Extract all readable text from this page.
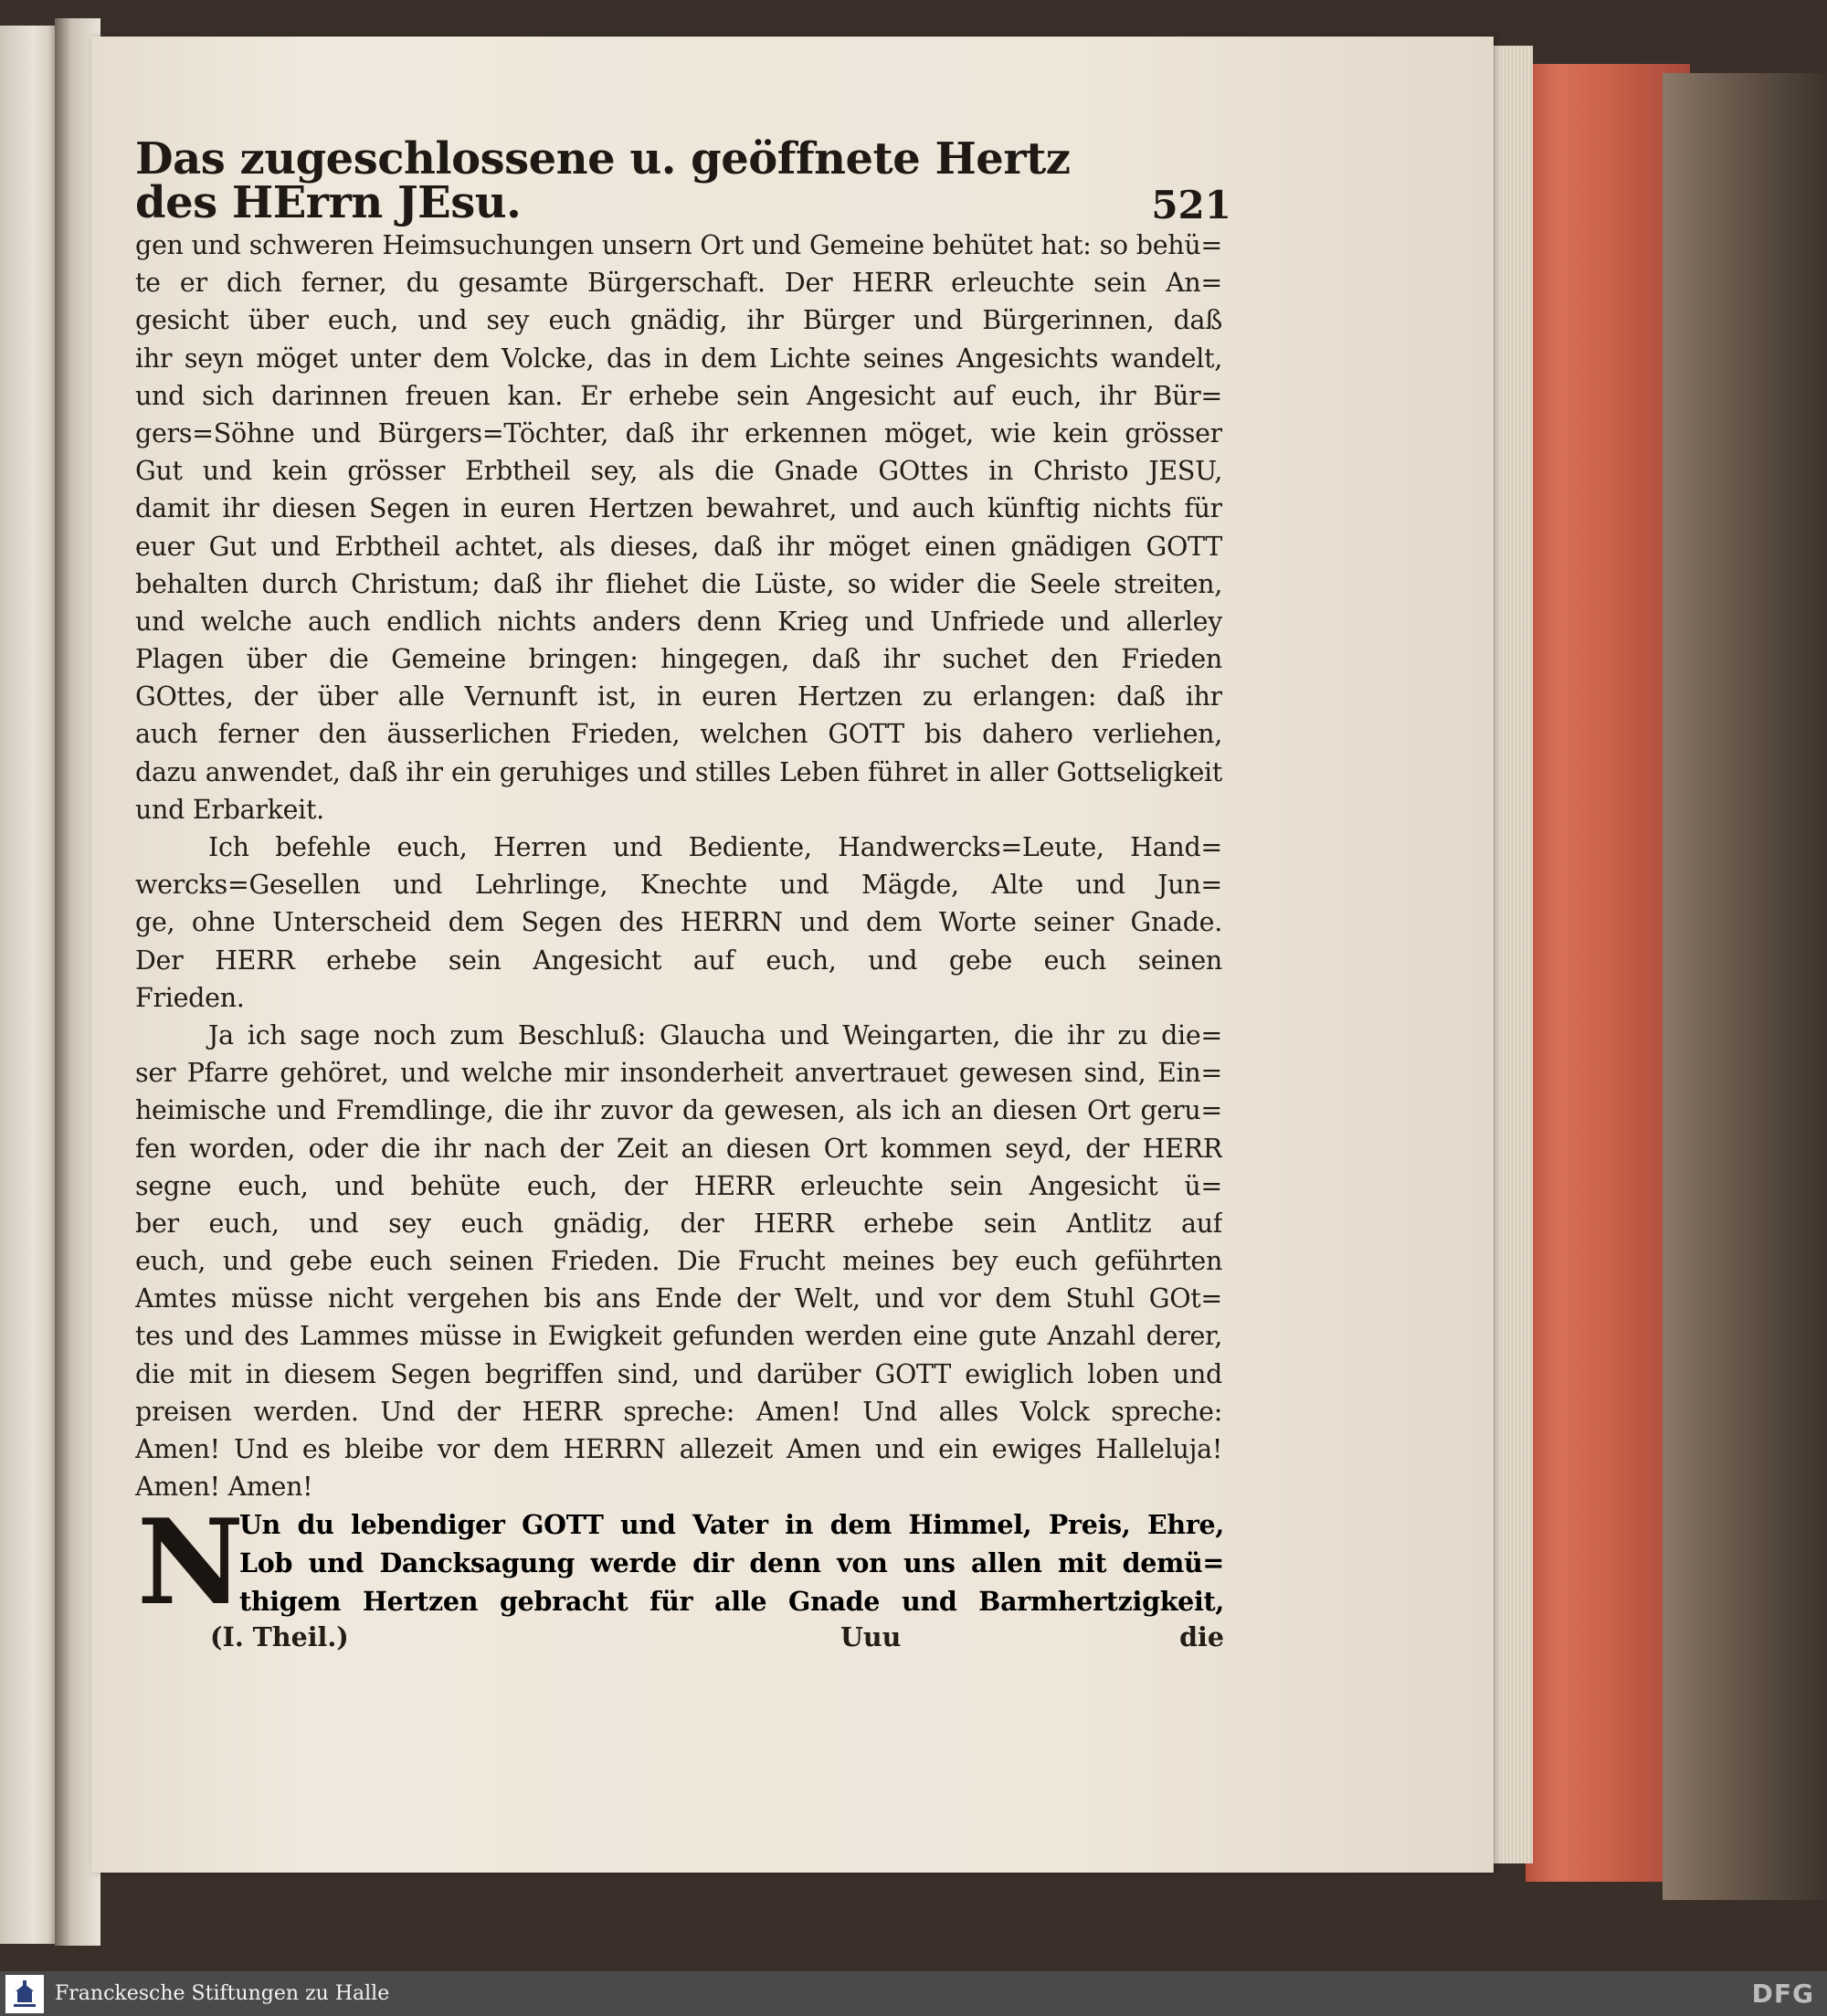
Das zugeschlossene u. geöffnete Hertz des HErrn JEsu.	521
gen und schweren Heimsuchungen unsern Ort und Gemeine behütet hat: so behü=
te er dich ferner, du gesamte Bürgerschaft. Der HERR erleuchte sein An=
gesicht über euch, und sey euch gnädig, ihr Bürger und Bürgerinnen, daß
ihr seyn möget unter dem Volcke, das in dem Lichte seines Angesichts wandelt,
und sich darinnen freuen kan. Er erhebe sein Angesicht auf euch, ihr Bür=
gers=Söhne und Bürgers=Töchter, daß ihr erkennen möget, wie kein grösser
Gut und kein grösser Erbtheil sey, als die Gnade GOttes in Christo JESU,
damit ihr diesen Segen in euren Hertzen bewahret, und auch künftig nichts für
euer Gut und Erbtheil achtet, als dieses, daß ihr möget einen gnädigen GOTT
behalten durch Christum; daß ihr fliehet die Lüste, so wider die Seele streiten,
und welche auch endlich nichts anders denn Krieg und Unfriede und allerley
Plagen über die Gemeine bringen: hingegen, daß ihr suchet den Frieden
GOttes, der über alle Vernunft ist, in euren Hertzen zu erlangen: daß ihr
auch ferner den äusserlichen Frieden, welchen GOTT bis dahero verliehen,
dazu anwendet, daß ihr ein geruhiges und stilles Leben führet in aller Gottseligkeit
und Erbarkeit.
Ich befehle euch, Herren und Bediente, Handwercks=Leute, Hand=
wercks=Gesellen und Lehrlinge, Knechte und Mägde, Alte und Jun=
ge, ohne Unterscheid dem Segen des HERRN und dem Worte seiner Gnade.
Der HERR erhebe sein Angesicht auf euch, und gebe euch seinen
Frieden.
Ja ich sage noch zum Beschluß: Glaucha und Weingarten, die ihr zu die=
ser Pfarre gehöret, und welche mir insonderheit anvertrauet gewesen sind, Ein=
heimische und Fremdlinge, die ihr zuvor da gewesen, als ich an diesen Ort geru=
fen worden, oder die ihr nach der Zeit an diesen Ort kommen seyd, der HERR
segne euch, und behüte euch, der HERR erleuchte sein Angesicht ü=
ber euch, und sey euch gnädig, der HERR erhebe sein Antlitz auf
euch, und gebe euch seinen Frieden. Die Frucht meines bey euch geführten
Amtes müsse nicht vergehen bis ans Ende der Welt, und vor dem Stuhl GOt=
tes und des Lammes müsse in Ewigkeit gefunden werden eine gute Anzahl derer,
die mit in diesem Segen begriffen sind, und darüber GOTT ewiglich loben und
preisen werden. Und der HERR spreche: Amen! Und alles Volck spreche:
Amen! Und es bleibe vor dem HERRN allezeit Amen und ein ewiges Halleluja!
Amen! Amen!
N
Un du lebendiger GOTT und Vater in dem Himmel, Preis, Ehre,
Lob und Dancksagung werde dir denn von uns allen mit demü=
thigem Hertzen gebracht für alle Gnade und Barmhertzigkeit,
(I. Theil.)	Uuu	die
Franckesche Stiftungen zu Halle	DFG
